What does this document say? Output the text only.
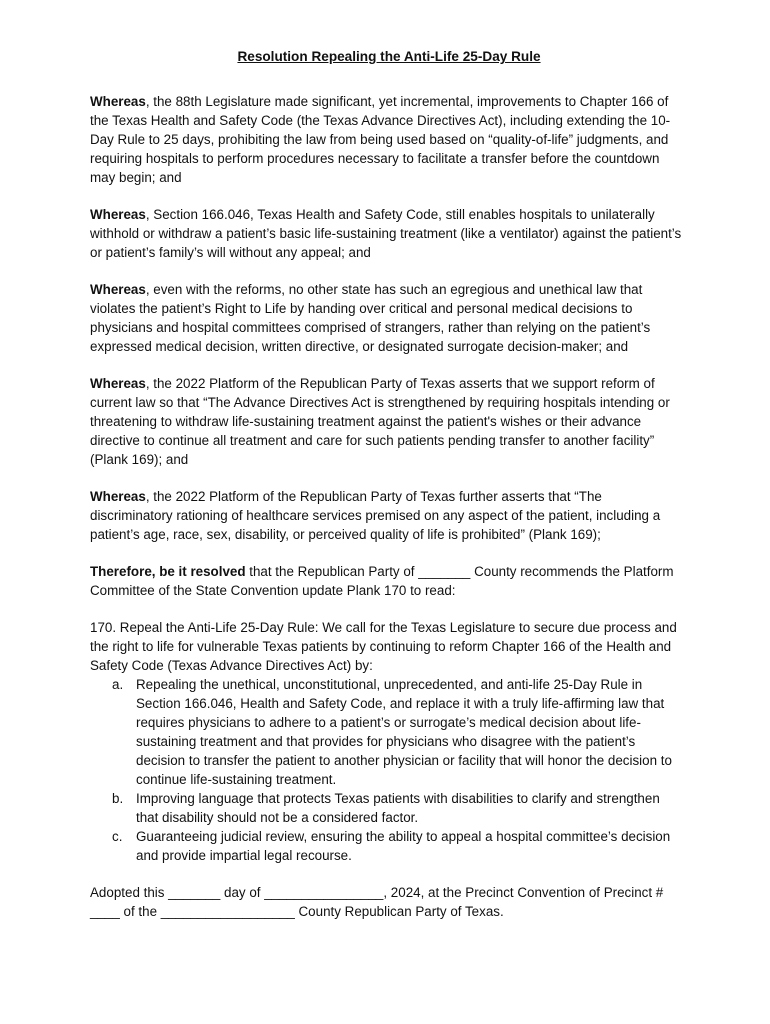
Resolution Repealing the Anti-Life 25-Day Rule

Whereas, the 88th Legislature made significant, yet incremental, improvements to Chapter 166 of the Texas Health and Safety Code (the Texas Advance Directives Act), including extending the 10-Day Rule to 25 days, prohibiting the law from being used based on “quality-of-life” judgments, and requiring hospitals to perform procedures necessary to facilitate a transfer before the countdown may begin; and

Whereas, Section 166.046, Texas Health and Safety Code, still enables hospitals to unilaterally withhold or withdraw a patient’s basic life-sustaining treatment (like a ventilator) against the patient’s or patient’s family’s will without any appeal; and

Whereas, even with the reforms, no other state has such an egregious and unethical law that violates the patient’s Right to Life by handing over critical and personal medical decisions to physicians and hospital committees comprised of strangers, rather than relying on the patient’s expressed medical decision, written directive, or designated surrogate decision-maker; and

Whereas, the 2022 Platform of the Republican Party of Texas asserts that we support reform of current law so that “The Advance Directives Act is strengthened by requiring hospitals intending or threatening to withdraw life-sustaining treatment against the patient's wishes or their advance directive to continue all treatment and care for such patients pending transfer to another facility” (Plank 169); and

Whereas, the 2022 Platform of the Republican Party of Texas further asserts that “The discriminatory rationing of healthcare services premised on any aspect of the patient, including a patient’s age, race, sex, disability, or perceived quality of life is prohibited” (Plank 169);

Therefore, be it resolved that the Republican Party of _______ County recommends the Platform Committee of the State Convention update Plank 170 to read:

170. Repeal the Anti-Life 25-Day Rule: We call for the Texas Legislature to secure due process and the right to life for vulnerable Texas patients by continuing to reform Chapter 166 of the Health and Safety Code (Texas Advance Directives Act) by:
a. Repealing the unethical, unconstitutional, unprecedented, and anti-life 25-Day Rule in Section 166.046, Health and Safety Code, and replace it with a truly life-affirming law that requires physicians to adhere to a patient’s or surrogate’s medical decision about life-sustaining treatment and that provides for physicians who disagree with the patient’s decision to transfer the patient to another physician or facility that will honor the decision to continue life-sustaining treatment.
b. Improving language that protects Texas patients with disabilities to clarify and strengthen that disability should not be a considered factor.
c. Guaranteeing judicial review, ensuring the ability to appeal a hospital committee’s decision and provide impartial legal recourse.

Adopted this _______ day of ________________, 2024, at the Precinct Convention of Precinct # ____ of the __________________ County Republican Party of Texas.
